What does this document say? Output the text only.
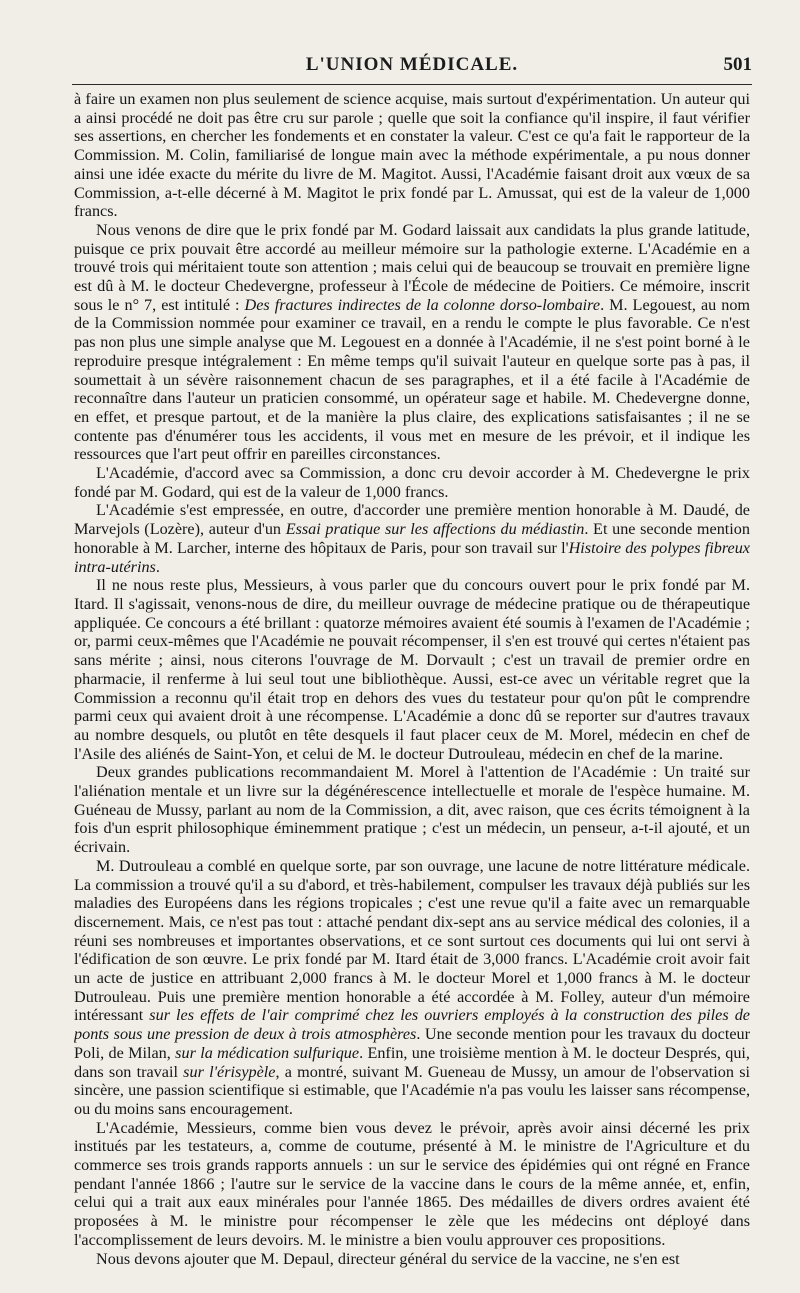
L'UNION MÉDICALE.	501

à faire un examen non plus seulement de science acquise, mais surtout d'expérimentation. Un auteur qui a ainsi procédé ne doit pas être cru sur parole ; quelle que soit la confiance qu'il inspire, il faut vérifier ses assertions, en chercher les fondements et en constater la valeur. C'est ce qu'a fait le rapporteur de la Commission. M. Colin, familiarisé de longue main avec la méthode expérimentale, a pu nous donner ainsi une idée exacte du mérite du livre de M. Magitot. Aussi, l'Académie faisant droit aux vœux de sa Commission, a-t-elle décerné à M. Magitot le prix fondé par L. Amussat, qui est de la valeur de 1,000 francs.

Nous venons de dire que le prix fondé par M. Godard laissait aux candidats la plus grande latitude, puisque ce prix pouvait être accordé au meilleur mémoire sur la pathologie externe. L'Académie en a trouvé trois qui méritaient toute son attention ; mais celui qui de beaucoup se trouvait en première ligne est dû à M. le docteur Chedevergne, professeur à l'École de médecine de Poitiers. Ce mémoire, inscrit sous le n° 7, est intitulé : Des fractures indirectes de la colonne dorso-lombaire. M. Legouest, au nom de la Commission nommée pour examiner ce travail, en a rendu le compte le plus favorable. Ce n'est pas non plus une simple analyse que M. Legouest en a donnée à l'Académie, il ne s'est point borné à le reproduire presque intégralement : En même temps qu'il suivait l'auteur en quelque sorte pas à pas, il soumettait à un sévère raisonnement chacun de ses paragraphes, et il a été facile à l'Académie de reconnaître dans l'auteur un praticien consommé, un opérateur sage et habile. M. Chedevergne donne, en effet, et presque partout, et de la manière la plus claire, des explications satisfaisantes ; il ne se contente pas d'énumérer tous les accidents, il vous met en mesure de les prévoir, et il indique les ressources que l'art peut offrir en pareilles circonstances.

L'Académie, d'accord avec sa Commission, a donc cru devoir accorder à M. Chedevergne le prix fondé par M. Godard, qui est de la valeur de 1,000 francs.

L'Académie s'est empressée, en outre, d'accorder une première mention honorable à M. Daudé, de Marvejols (Lozère), auteur d'un Essai pratique sur les affections du médiastin. Et une seconde mention honorable à M. Larcher, interne des hôpitaux de Paris, pour son travail sur l'Histoire des polypes fibreux intra-utérins.

Il ne nous reste plus, Messieurs, à vous parler que du concours ouvert pour le prix fondé par M. Itard. Il s'agissait, venons-nous de dire, du meilleur ouvrage de médecine pratique ou de thérapeutique appliquée. Ce concours a été brillant : quatorze mémoires avaient été soumis à l'examen de l'Académie ; or, parmi ceux-mêmes que l'Académie ne pouvait récompenser, il s'en est trouvé qui certes n'étaient pas sans mérite ; ainsi, nous citerons l'ouvrage de M. Dorvault ; c'est un travail de premier ordre en pharmacie, il renferme à lui seul tout une bibliothèque. Aussi, est-ce avec un véritable regret que la Commission a reconnu qu'il était trop en dehors des vues du testateur pour qu'on pût le comprendre parmi ceux qui avaient droit à une récompense. L'Académie a donc dû se reporter sur d'autres travaux au nombre desquels, ou plutôt en tête desquels il faut placer ceux de M. Morel, médecin en chef de l'Asile des aliénés de Saint-Yon, et celui de M. le docteur Dutrouleau, médecin en chef de la marine.

Deux grandes publications recommandaient M. Morel à l'attention de l'Académie : Un traité sur l'aliénation mentale et un livre sur la dégénérescence intellectuelle et morale de l'espèce humaine. M. Guéneau de Mussy, parlant au nom de la Commission, a dit, avec raison, que ces écrits témoignent à la fois d'un esprit philosophique éminemment pratique ; c'est un médecin, un penseur, a-t-il ajouté, et un écrivain.

M. Dutrouleau a comblé en quelque sorte, par son ouvrage, une lacune de notre littérature médicale. La commission a trouvé qu'il a su d'abord, et très-habilement, compulser les travaux déjà publiés sur les maladies des Européens dans les régions tropicales ; c'est une revue qu'il a faite avec un remarquable discernement. Mais, ce n'est pas tout : attaché pendant dix-sept ans au service médical des colonies, il a réuni ses nombreuses et importantes observations, et ce sont surtout ces documents qui lui ont servi à l'édification de son œuvre. Le prix fondé par M. Itard était de 3,000 francs. L'Académie croit avoir fait un acte de justice en attribuant 2,000 francs à M. le docteur Morel et 1,000 francs à M. le docteur Dutrouleau. Puis une première mention honorable a été accordée à M. Folley, auteur d'un mémoire intéressant sur les effets de l'air comprimé chez les ouvriers employés à la construction des piles de ponts sous une pression de deux à trois atmosphères. Une seconde mention pour les travaux du docteur Poli, de Milan, sur la médication sulfurique. Enfin, une troisième mention à M. le docteur Després, qui, dans son travail sur l'érisypèle, a montré, suivant M. Gueneau de Mussy, un amour de l'observation si sincère, une passion scientifique si estimable, que l'Académie n'a pas voulu les laisser sans récompense, ou du moins sans encouragement.

L'Académie, Messieurs, comme bien vous devez le prévoir, après avoir ainsi décerné les prix institués par les testateurs, a, comme de coutume, présenté à M. le ministre de l'Agriculture et du commerce ses trois grands rapports annuels : un sur le service des épidémies qui ont régné en France pendant l'année 1866 ; l'autre sur le service de la vaccine dans le cours de la même année, et, enfin, celui qui a trait aux eaux minérales pour l'année 1865. Des médailles de divers ordres avaient été proposées à M. le ministre pour récompenser le zèle que les médecins ont déployé dans l'accomplissement de leurs devoirs. M. le ministre a bien voulu approuver ces propositions.

Nous devons ajouter que M. Depaul, directeur général du service de la vaccine, ne s'en est
